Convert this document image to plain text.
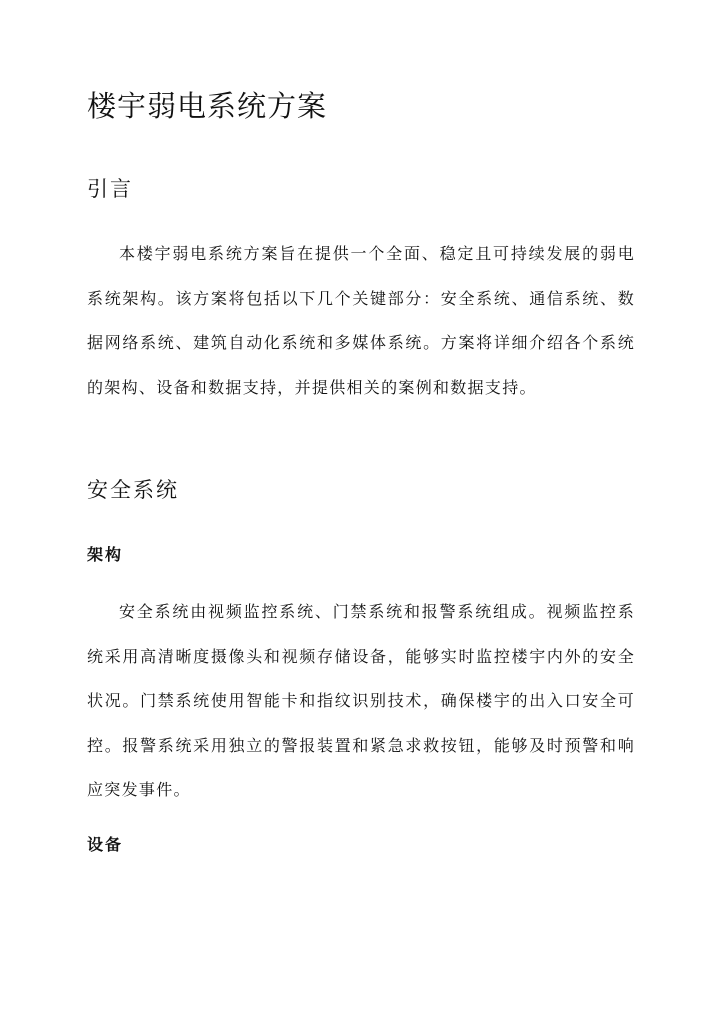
楼宇弱电系统方案
引言

本楼宇弱电系统方案旨在提供一个全面、稳定且可持续发展的弱电系统架构。该方案将包括以下几个关键部分：安全系统、通信系统、数据网络系统、建筑自动化系统和多媒体系统。方案将详细介绍各个系统的架构、设备和数据支持，并提供相关的案例和数据支持。

安全系统
架构

安全系统由视频监控系统、门禁系统和报警系统组成。视频监控系统采用高清晰度摄像头和视频存储设备，能够实时监控楼宇内外的安全状况。门禁系统使用智能卡和指纹识别技术，确保楼宇的出入口安全可控。报警系统采用独立的警报装置和紧急求救按钮，能够及时预警和响应突发事件。

设备
